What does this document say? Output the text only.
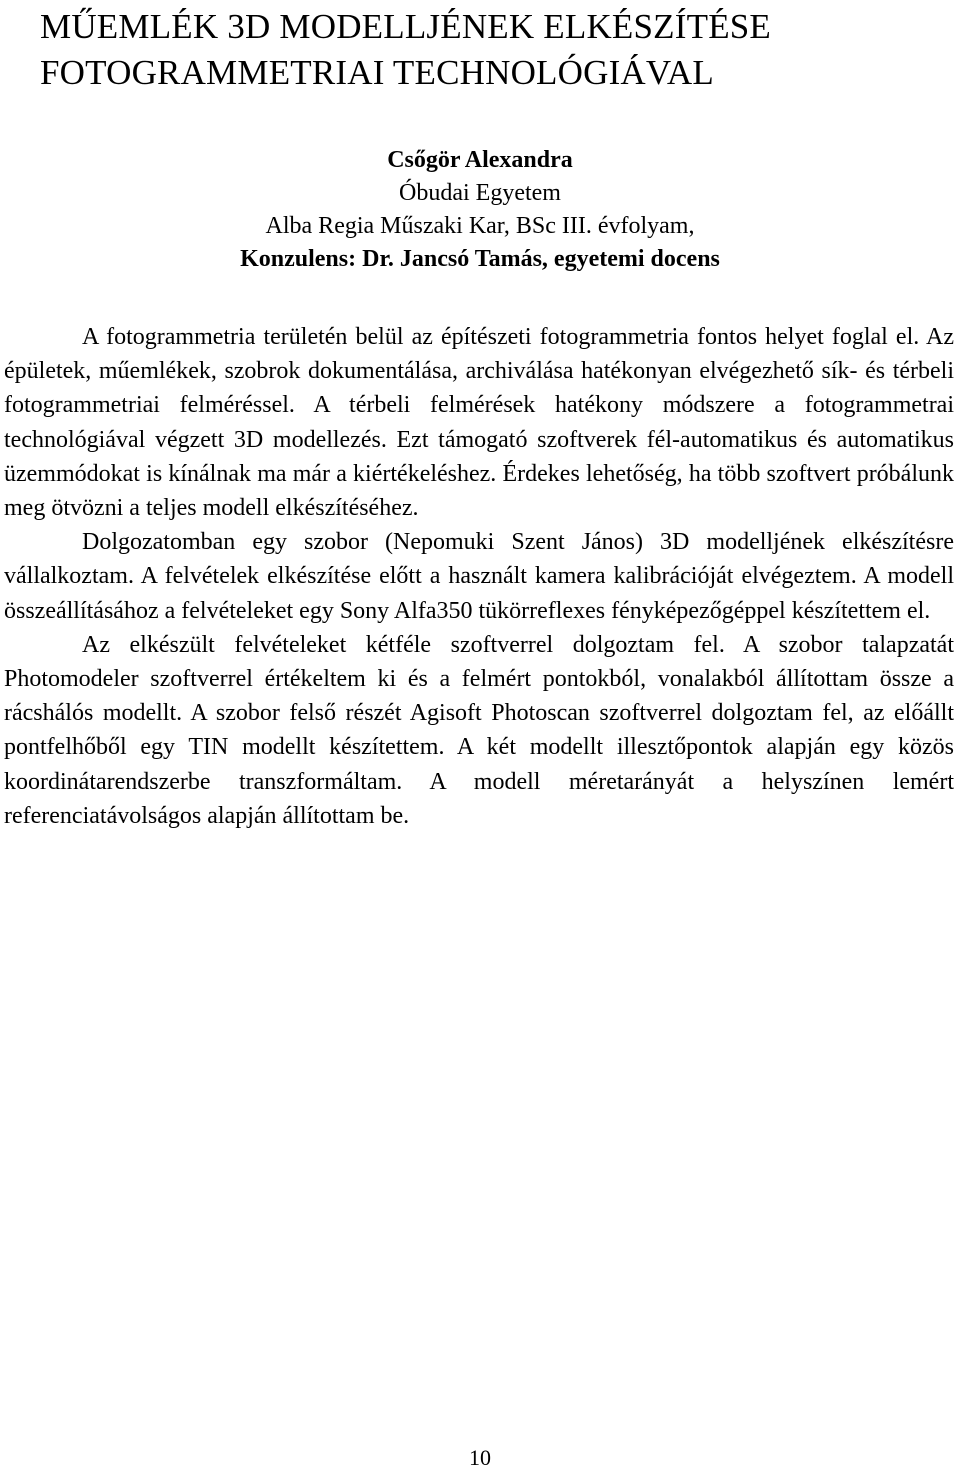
MŰEMLÉK 3D MODELLJÉNEK ELKÉSZÍTÉSE
FOTOGRAMMETRIAI TECHNOLÓGIÁVAL
Csőgör Alexandra
Óbudai Egyetem
Alba Regia Műszaki Kar, BSc III. évfolyam,
Konzulens: Dr. Jancsó Tamás, egyetemi docens

A fotogrammetria területén belül az építészeti fotogrammetria fontos helyet foglal el. Az épületek, műemlékek, szobrok dokumentálása, archiválása hatékonyan elvégezhető sík- és térbeli fotogrammetriai felméréssel. A térbeli felmérések hatékony módszere a fotogrammetrai technológiával végzett 3D modellezés. Ezt támogató szoftverek fél-automatikus és automatikus üzemmódokat is kínálnak ma már a kiértékeléshez. Érdekes lehetőség, ha több szoftvert próbálunk meg ötvözni a teljes modell elkészítéséhez.

Dolgozatomban egy szobor (Nepomuki Szent János) 3D modelljének elkészítésre vállalkoztam. A felvételek elkészítése előtt a használt kamera kalibrációját elvégeztem. A modell összeállításához a felvételeket egy Sony Alfa350 tükörreflexes fényképezőgéppel készítettem el.

Az elkészült felvételeket kétféle szoftverrel dolgoztam fel. A szobor talapzatát Photomodeler szoftverrel értékeltem ki és a felmért pontokból, vonalakból állítottam össze a rácshálós modellt. A szobor felső részét Agisoft Photoscan szoftverrel dolgoztam fel, az előállt pontfelhőből egy TIN modellt készítettem. A két modellt illesztőpontok alapján egy közös koordinátarendszerbe transzformáltam. A modell méretarányát a helyszínen lemért referenciatávolságos alapján állítottam be.

10
